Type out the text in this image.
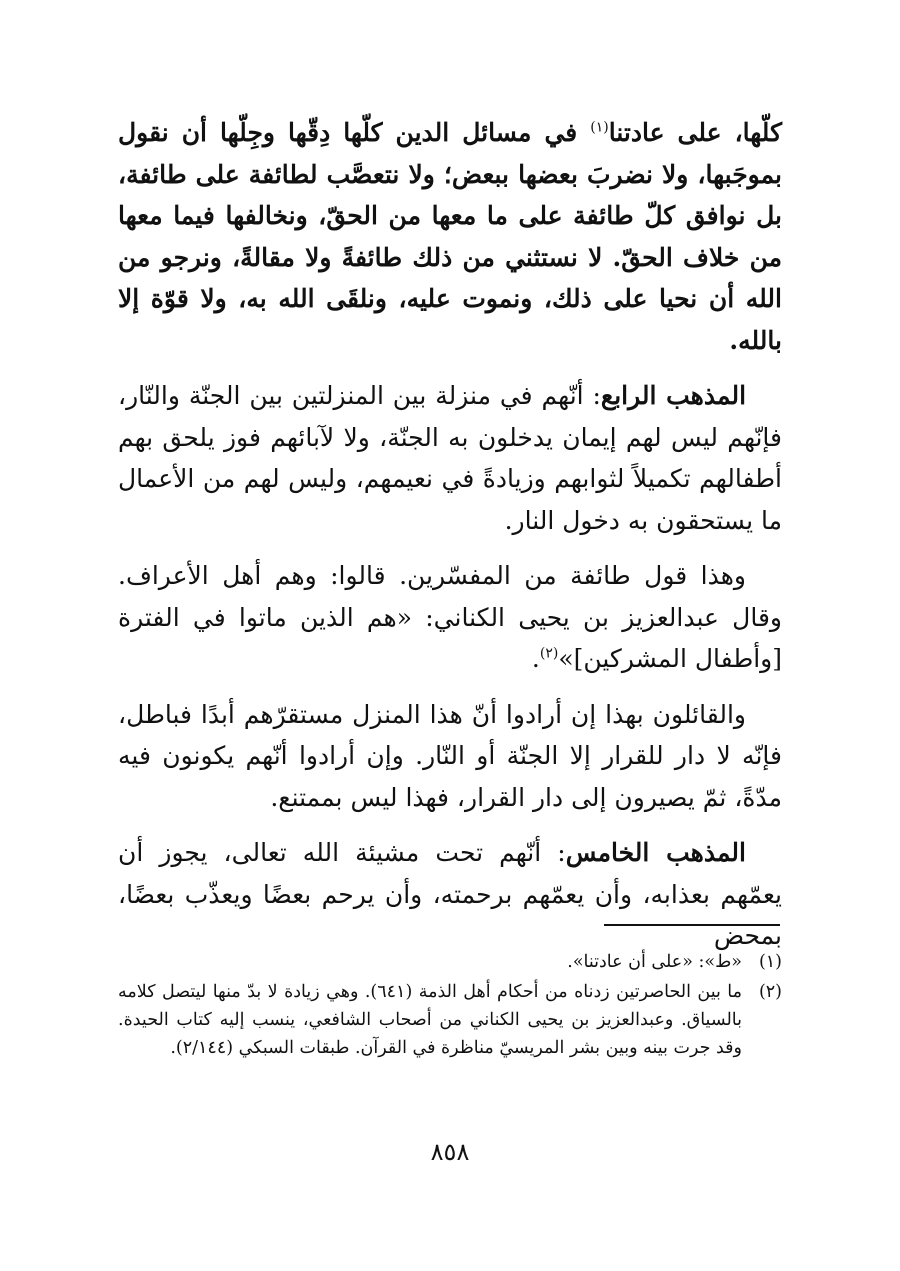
كلّها، على عادتنا$^{(١)}$ في مسائل الدين كلّها دِقّها وجِلّها أن نقول بموجَبها، ولا نضربَ بعضها ببعض؛ ولا نتعصَّب لطائفة على طائفة، بل نوافق كلّ طائفة على ما معها من الحقّ، ونخالفها فيما معها من خلاف الحقّ. لا نستثني من ذلك طائفةً ولا مقالةً، ونرجو من الله أن نحيا على ذلك، ونموت عليه، ونلقَى الله به، ولا قوّة إلا بالله.

المذهب الرابع: أنّهم في منزلة بين المنزلتين بين الجنّة والنّار، فإنّهم ليس لهم إيمان يدخلون به الجنّة، ولا لآبائهم فوز يلحق بهم أطفالهم تكميلاً لثوابهم وزيادةً في نعيمهم، وليس لهم من الأعمال ما يستحقون به دخول النار.

وهذا قول طائفة من المفسّرين. قالوا: وهم أهل الأعراف. وقال عبدالعزيز بن يحيى الكناني: «هم الذين ماتوا في الفترة [وأطفال المشركين]»$^{(٢)}$.

والقائلون بهذا إن أرادوا أنّ هذا المنزل مستقرّهم أبدًا فباطل، فإنّه لا دار للقرار إلا الجنّة أو النّار. وإن أرادوا أنّهم يكونون فيه مدّةً، ثمّ يصيرون إلى دار القرار، فهذا ليس بممتنع.

المذهب الخامس: أنّهم تحت مشيئة الله تعالى، يجوز أن يعمّهم بعذابه، وأن يعمّهم برحمته، وأن يرحم بعضًا ويعذّب بعضًا، بمحض

(١)
«ط»: «على أن عادتنا».
(٢)
ما بين الحاصرتين زدناه من أحكام أهل الذمة (٦٤١). وهي زيادة لا بدّ منها ليتصل كلامه بالسياق. وعبدالعزيز بن يحيى الكناني من أصحاب الشافعي، ينسب إليه كتاب الحيدة. وقد جرت بينه وبين بشر المريسيّ مناظرة في القرآن. طبقات السبكي (٢/١٤٤).
٨٥٨
